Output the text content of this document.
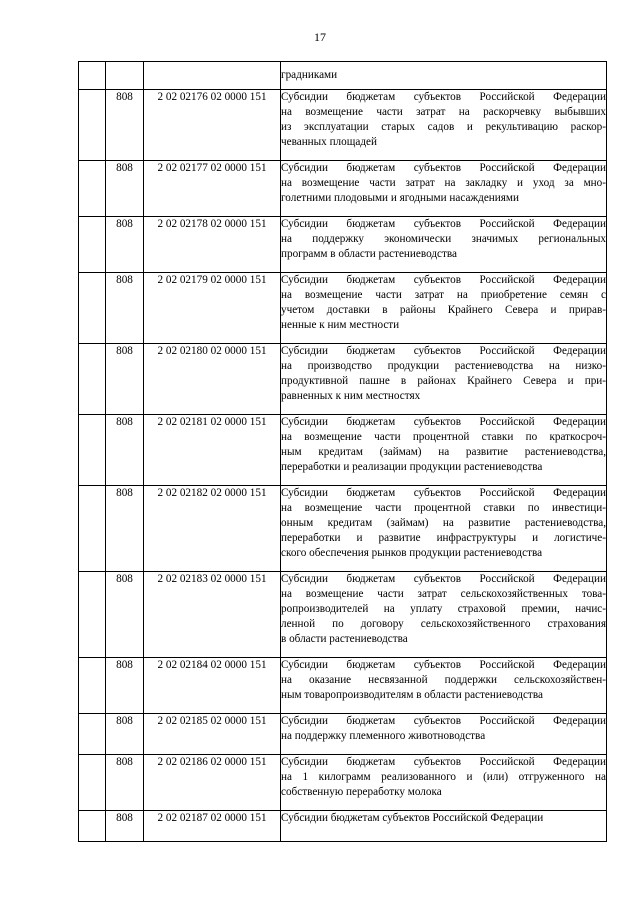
17

			градниками

	808	2 02 02176 02 0000 151	Субсидии бюджетам субъектов Российской Федерации
на возмещение части затрат на раскорчевку выбывших
из эксплуатации старых садов и рекультивацию раскор-
чеванных площадей

	808	2 02 02177 02 0000 151	Субсидии бюджетам субъектов Российской Федерации
на возмещение части затрат на закладку и уход за мно-
голетними плодовыми и ягодными насаждениями

	808	2 02 02178 02 0000 151	Субсидии бюджетам субъектов Российской Федерации
на поддержку экономически значимых региональных
программ в области растениеводства

	808	2 02 02179 02 0000 151	Субсидии бюджетам субъектов Российской Федерации
на возмещение части затрат на приобретение семян с
учетом доставки в районы Крайнего Севера и прирав-
ненные к ним местности

	808	2 02 02180 02 0000 151	Субсидии бюджетам субъектов Российской Федерации
на производство продукции растениеводства на низко-
продуктивной пашне в районах Крайнего Севера и при-
равненных к ним местностях

	808	2 02 02181 02 0000 151	Субсидии бюджетам субъектов Российской Федерации
на возмещение части процентной ставки по краткосроч-
ным кредитам (займам) на развитие растениеводства,
переработки и реализации продукции растениеводства

	808	2 02 02182 02 0000 151	Субсидии бюджетам субъектов Российской Федерации
на возмещение части процентной ставки по инвестици-
онным кредитам (займам) на развитие растениеводства,
переработки и развитие инфраструктуры и логистиче-
ского обеспечения рынков продукции растениеводства

	808	2 02 02183 02 0000 151	Субсидии бюджетам субъектов Российской Федерации
на возмещение части затрат сельскохозяйственных това-
ропроизводителей на уплату страховой премии, начис-
ленной по договору сельскохозяйственного страхования
в области растениеводства

	808	2 02 02184 02 0000 151	Субсидии бюджетам субъектов Российской Федерации
на оказание несвязанной поддержки сельскохозяйствен-
ным товаропроизводителям в области растениеводства

	808	2 02 02185 02 0000 151	Субсидии бюджетам субъектов Российской Федерации
на поддержку племенного животноводства

	808	2 02 02186 02 0000 151	Субсидии бюджетам субъектов Российской Федерации
на 1 килограмм реализованного и (или) отгруженного на
собственную переработку молока

	808	2 02 02187 02 0000 151	Субсидии бюджетам субъектов Российской Федерации
